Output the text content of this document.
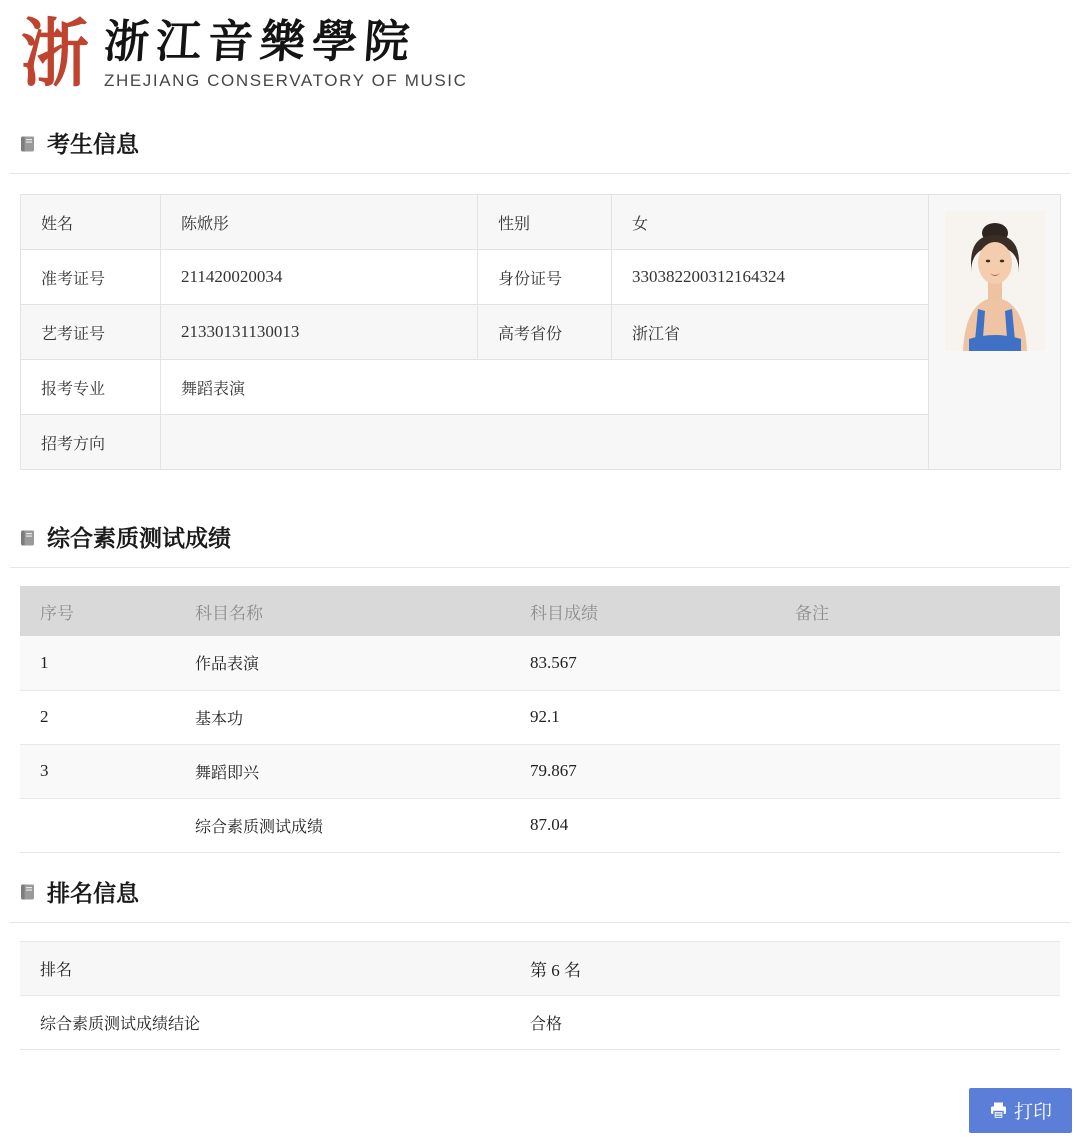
浙 浙江音樂學院
ZHEJIANG CONSERVATORY OF MUSIC
考生信息
姓名	陈焮彤	性别	女	
准考证号	211420020034	身份证号	330382200312164324	
艺考证号	21330131130013	高考省份	浙江省	
报考专业	舞蹈表演			
招考方向				
综合素质测试成绩
序号	科目名称	科目成绩	备注
1	作品表演	83.567	
2	基本功	92.1	
3	舞蹈即兴	79.867	
	综合素质测试成绩	87.04	
排名信息
排名	第 6 名
综合素质测试成绩结论	合格
打印
